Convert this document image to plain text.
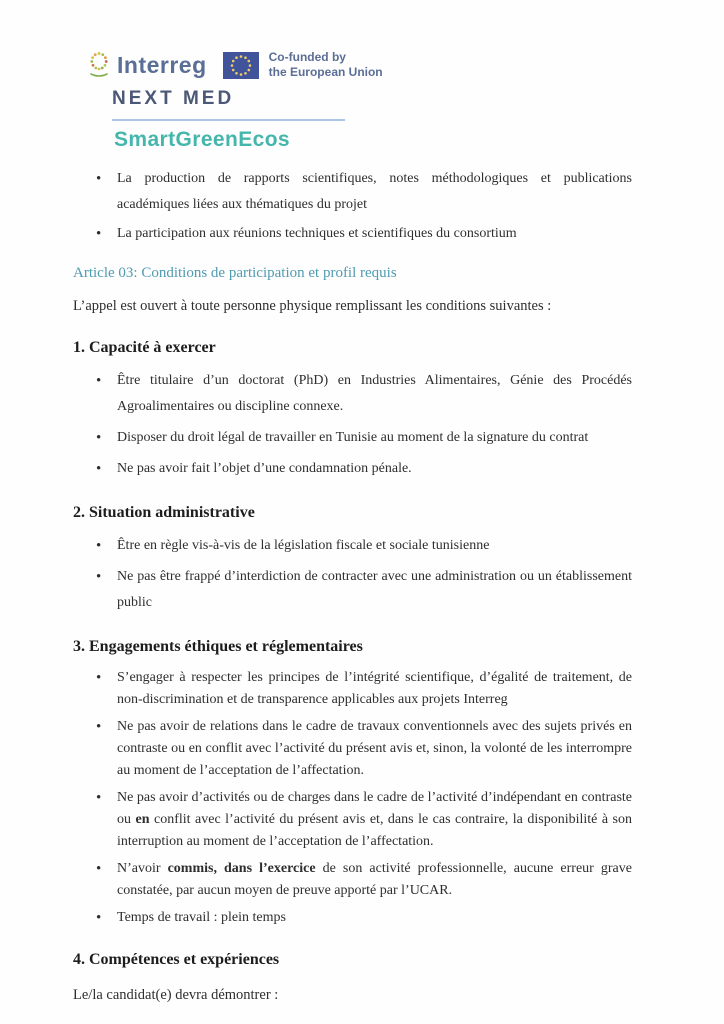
Interreg	Co-funded by
the European Union
NEXT MED
SmartGreenEcos
• La production de rapports scientifiques, notes méthodologiques et publications académiques liées aux thématiques du projet
• La participation aux réunions techniques et scientifiques du consortium
Article 03: Conditions de participation et profil requis

L’appel est ouvert à toute personne physique remplissant les conditions suivantes :

1. Capacité à exercer
• Être titulaire d’un doctorat (PhD) en Industries Alimentaires, Génie des Procédés Agroalimentaires ou discipline connexe.
• Disposer du droit légal de travailler en Tunisie au moment de la signature du contrat
• Ne pas avoir fait l’objet d’une condamnation pénale.
2. Situation administrative
• Être en règle vis-à-vis de la législation fiscale et sociale tunisienne
• Ne pas être frappé d’interdiction de contracter avec une administration ou un établissement public
3. Engagements éthiques et réglementaires
• S’engager à respecter les principes de l’intégrité scientifique, d’égalité de traitement, de non-discrimination et de transparence applicables aux projets Interreg
• Ne pas avoir de relations dans le cadre de travaux conventionnels avec des sujets privés en contraste ou en conflit avec l’activité du présent avis et, sinon, la volonté de les interrompre au moment de l’acceptation de l’affectation.
• Ne pas avoir d’activités ou de charges dans le cadre de l’activité d’indépendant en contraste ou en conflit avec l’activité du présent avis et, dans le cas contraire, la disponibilité à son interruption au moment de l’acceptation de l’affectation.
• N’avoir commis, dans l’exercice de son activité professionnelle, aucune erreur grave constatée, par aucun moyen de preuve apporté par l’UCAR.
• Temps de travail : plein temps
4. Compétences et expériences

Le/la candidat(e) devra démontrer :
